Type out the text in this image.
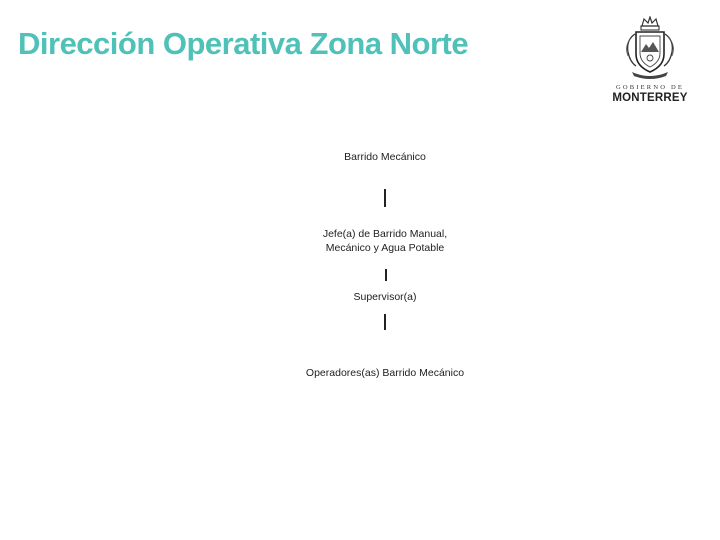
Dirección Operativa Zona Norte
GOBIERNO DE
MONTERREY
Barrido Mecánico
Jefe(a) de Barrido Manual,
Mecánico y Agua Potable
Supervisor(a)
Operadores(as) Barrido Mecánico
